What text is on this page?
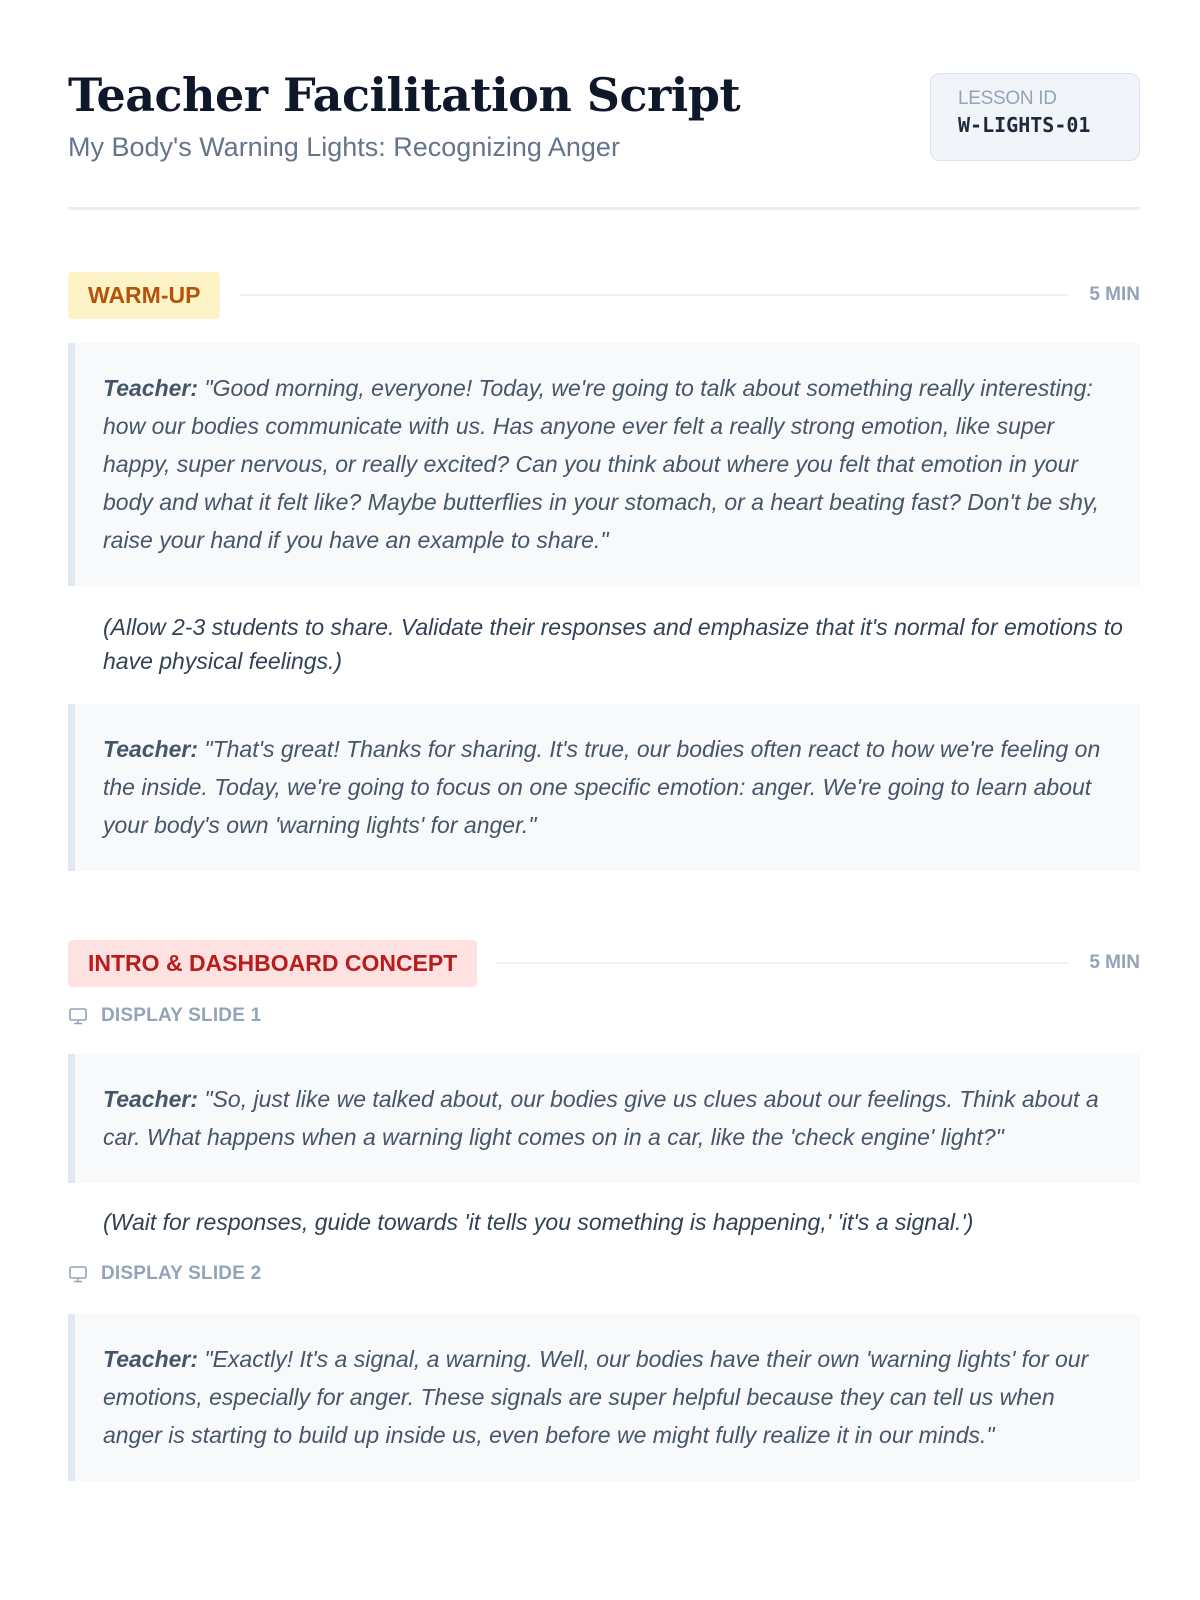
Teacher Facilitation Script
My Body's Warning Lights: Recognizing Anger
LESSON ID
W-LIGHTS-01
WARM-UP	5 MIN
Teacher: "Good morning, everyone! Today, we're going to talk about something really interesting: how our bodies communicate with us. Has anyone ever felt a really strong emotion, like super happy, super nervous, or really excited? Can you think about where you felt that emotion in your body and what it felt like? Maybe butterflies in your stomach, or a heart beating fast? Don't be shy, raise your hand if you have an example to share."
(Allow 2-3 students to share. Validate their responses and emphasize that it's normal for emotions to have physical feelings.)
Teacher: "That's great! Thanks for sharing. It's true, our bodies often react to how we're feeling on the inside. Today, we're going to focus on one specific emotion: anger. We're going to learn about your body's own 'warning lights' for anger."
INTRO & DASHBOARD CONCEPT	5 MIN
DISPLAY SLIDE 1
Teacher: "So, just like we talked about, our bodies give us clues about our feelings. Think about a car. What happens when a warning light comes on in a car, like the 'check engine' light?"
(Wait for responses, guide towards 'it tells you something is happening,' 'it's a signal.')
DISPLAY SLIDE 2
Teacher: "Exactly! It's a signal, a warning. Well, our bodies have their own 'warning lights' for our emotions, especially for anger. These signals are super helpful because they can tell us when anger is starting to build up inside us, even before we might fully realize it in our minds."
